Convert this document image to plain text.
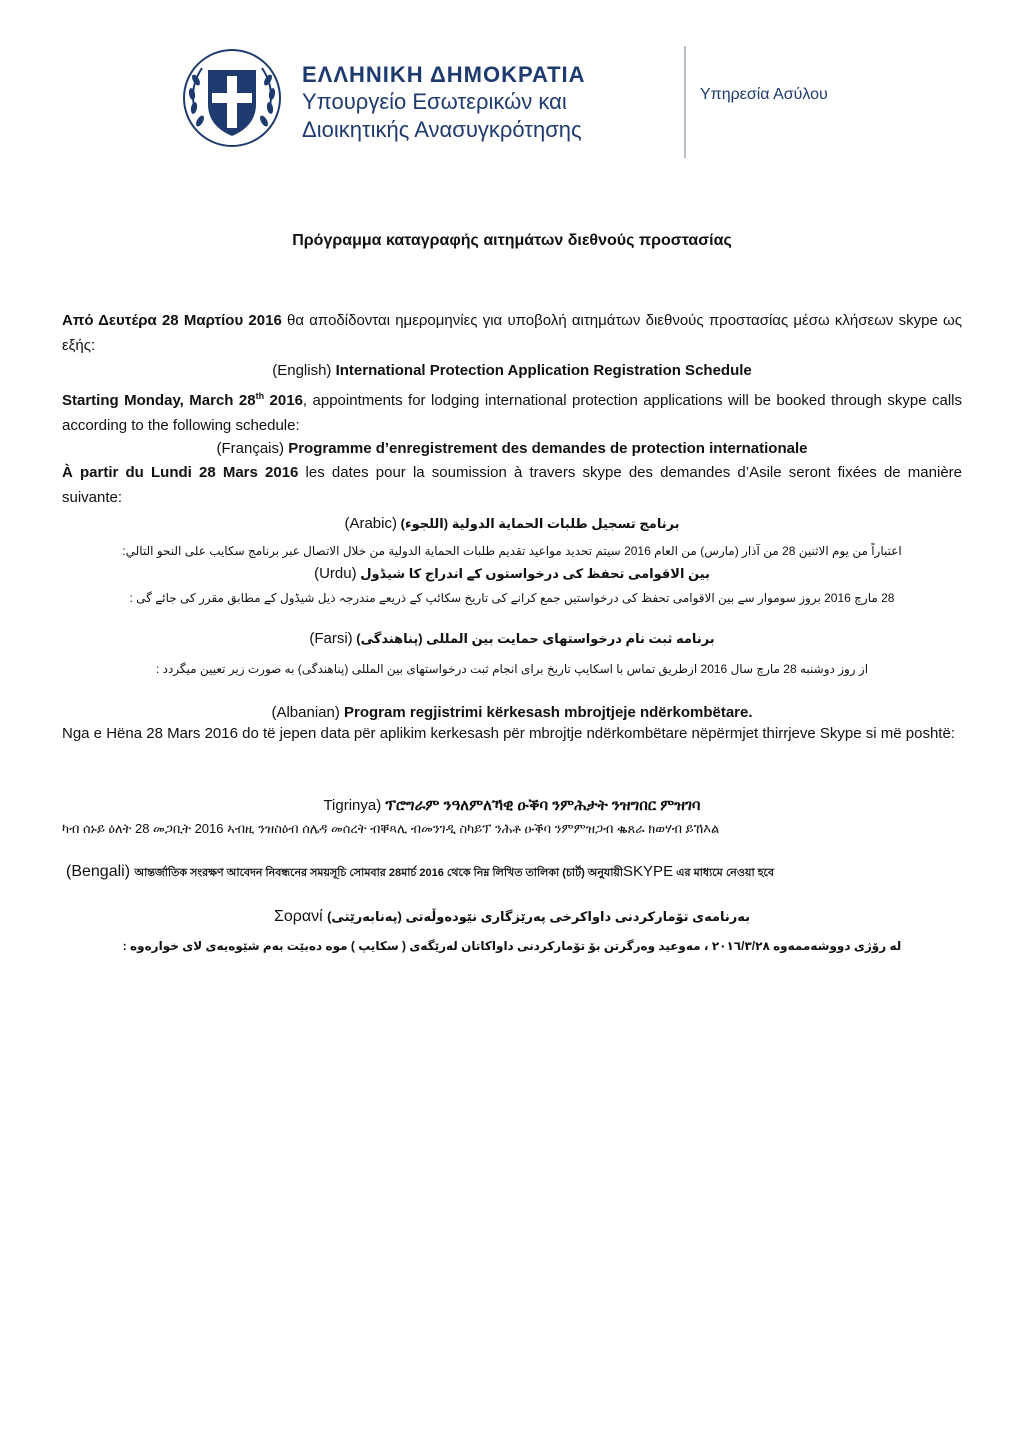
ΕΛΛΗΝΙΚΗ ΔΗΜΟΚΡΑΤΙΑ
Υπουργείο Εσωτερικών και
Διοικητικής Ανασυγκρότησης
Υπηρεσία Ασύλου
Πρόγραμμα καταγραφής αιτημάτων διεθνούς προστασίας
Από Δευτέρα 28 Μαρτίου 2016 θα αποδίδονται ημερομηνίες για υποβολή αιτημάτων διεθνούς προστασίας μέσω κλήσεων skype ως εξής:
(English) International Protection Application Registration Schedule
Starting Monday, March 28th 2016, appointments for lodging international protection applications will be booked through skype calls according to the following schedule:
(Français) Programme d’enregistrement des demandes de protection internationale
À partir du Lundi 28 Mars 2016 les dates pour la soumission à travers skype des demandes d’Asile seront fixées de manière suivante:
برنامج تسجيل طلبات الحماية الدولية (اللجوء) (Arabic)
اعتباراً من يوم الاثنين 28 من آذار (مارس) من العام 2016 سيتم تحديد مواعيد تقديم طلبات الحماية الدولية من خلال الاتصال عبر برنامج سكايب على النحو التالي:
بین الاقوامی تحفظ کی درخواستوں کے اندراج کا شیڈول (Urdu)
28 مارچ 2016 بروز سوموار سے بین الاقوامی تحفظ کی درخواستیں جمع کرانے کی تاریخ سکائپ کے ذریعے مندرجہ ذیل شیڈول کے مطابق مقرر کی جائے گی :
برنامه ثبت نام درخواستهای حمایت بین المللی (پناهندگی) (Farsi)
از روز دوشنبه 28 مارچ سال 2016 ازطریق تماس با اسکایپ تاریخ برای انجام ثبت درخواستهای بین المللی (پناهندگی) به صورت زیر تعیین میگردد :
(Albanian) Program regjistrimi kërkesash mbrojtjeje ndërkombëtare.
Nga e Hëna 28 Mars 2016 do të jepen data për aplikim kerkesash për mbrojtje ndërkombëtare nëpërmjet thirrjeve Skype si më poshtë:
Tigrinya) ፕሮግራም ንዓለምለኻዊ ዑቕባ ንምሕታት ንዝግበር ምዝገባ
ካብ ሰኑይ ዕለት 28 መጋቢት 2016 ኣብዚ ንዝስዕብ ሰሌዳ መሰረት ብቐጻሊ ብመንገዲ ስካይፕ ንሕቶ ዑቕባ ንምምዝጋብ ቈጸራ ክወሃብ ይኸእል
(Bengali) আন্তর্জাতিক সংরক্ষণ আবেদন নিবন্ধনের সময়সূচি সোমবার 28মার্চ 2016 থেকে নিম্ন লিখিত তালিকা (চার্ট) অনুযায়ীSKYPE এর মাধ্যমে নেওয়া হবে
Σορανί بەرنامەی تۆمارکردنی داواکرخی پەرێزگاری نێودەوڵەتی (پەنابەرێتی)
لە رۆژی دووشەممەوە ٢٠١٦/٣/٢٨ ، مەوعید وەرگرتن بۆ تۆمارکردنی داواکاتان لەرێگەی ( سکایپ ) موە دەبێت بەم شێوەیەی لای خوارەوە :
